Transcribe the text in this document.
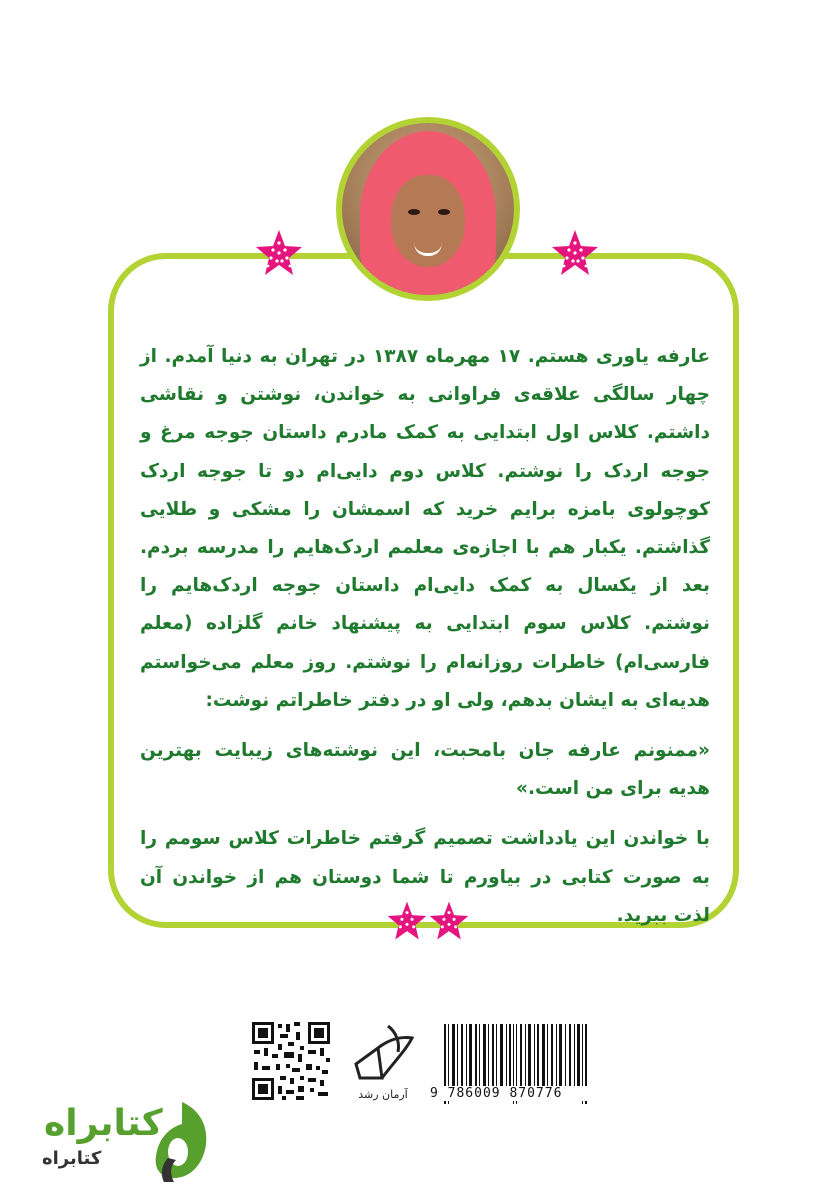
عارفه یاوری هستم. ۱۷ مهرماه ۱۳۸۷ در تهران به دنیا آمدم. از چهار سالگی علاقه‌ی فراوانی به خواندن، نوشتن و نقاشی داشتم. کلاس اول ابتدایی به کمک مادرم داستان جوجه مرغ و جوجه اردک را نوشتم. کلاس دوم دایی‌ام دو تا جوجه اردک کوچولوی بامزه برایم خرید که اسمشان را مشکی و طلایی گذاشتم. یکبار هم با اجازه‌ی معلمم اردک‌هایم را مدرسه بردم. بعد از یکسال به کمک دایی‌ام داستان جوجه اردک‌هایم را نوشتم. کلاس سوم ابتدایی به پیشنهاد خانم گلزاده (معلم فارسی‌ام) خاطرات روزانه‌ام را نوشتم. روز معلم می‌خواستم هدیه‌ای به ایشان بدهم، ولی او در دفتر خاطراتم نوشت:

«ممنونم عارفه جان بامحبت، این نوشته‌های زیبایت بهترین هدیه برای من است.»

با خواندن این یادداشت تصمیم گرفتم خاطرات کلاس سومم را به صورت کتابی در بیاورم تا شما دوستان هم از خواندن آن لذت ببرید.

آرمان رشد	9 786009 870776
کتابراه
کتابراه
